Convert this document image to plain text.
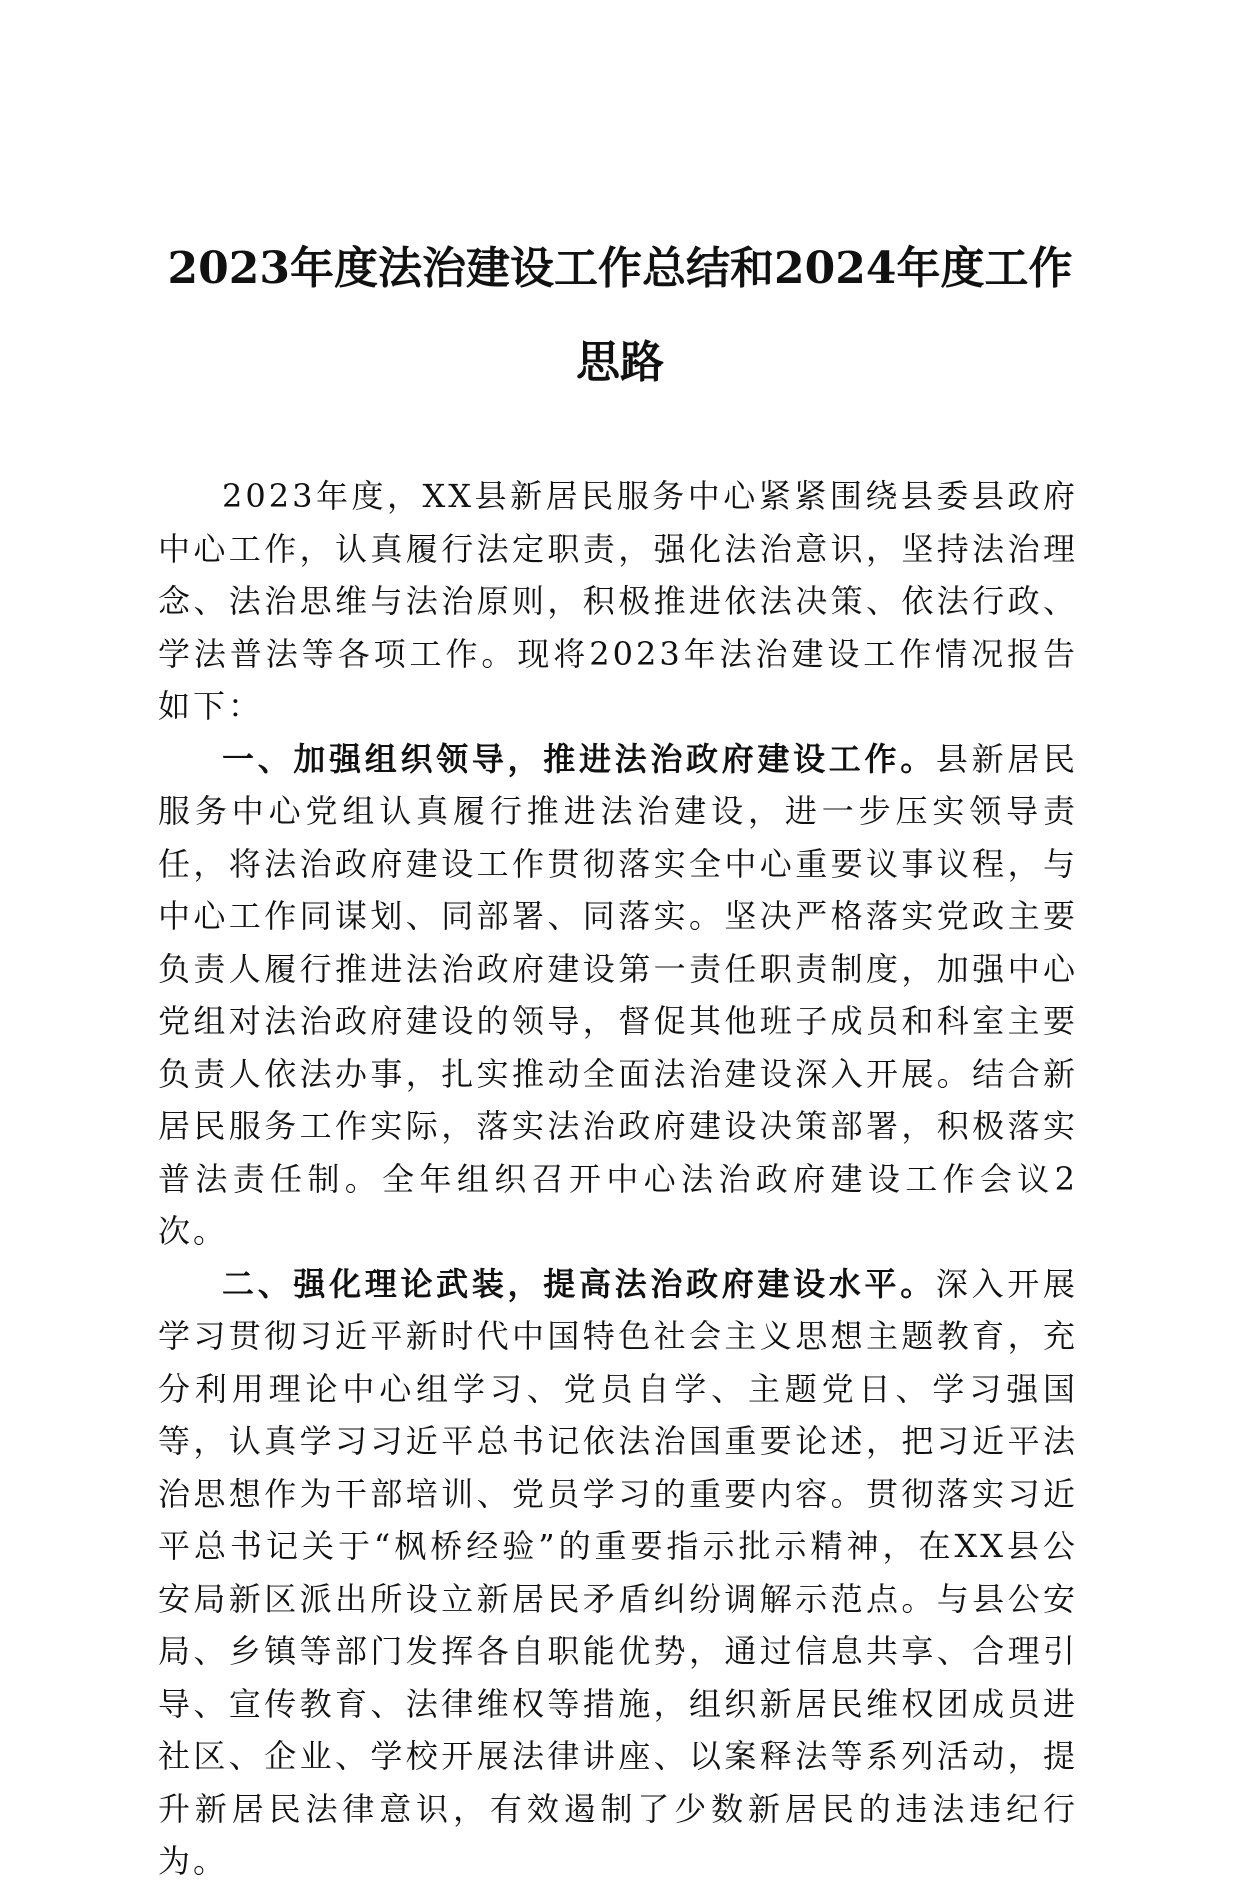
2023年度法治建设工作总结和2024年度工作
思路

2023年度，XX县新居民服务中心紧紧围绕县委县政府中心工作，认真履行法定职责，强化法治意识，坚持法治理念、法治思维与法治原则，积极推进依法决策、依法行政、学法普法等各项工作。现将2023年法治建设工作情况报告如下：

一、加强组织领导，推进法治政府建设工作。县新居民服务中心党组认真履行推进法治建设，进一步压实领导责任，将法治政府建设工作贯彻落实全中心重要议事议程，与中心工作同谋划、同部署、同落实。坚决严格落实党政主要负责人履行推进法治政府建设第一责任职责制度，加强中心党组对法治政府建设的领导，督促其他班子成员和科室主要负责人依法办事，扎实推动全面法治建设深入开展。结合新居民服务工作实际，落实法治政府建设决策部署，积极落实普法责任制。全年组织召开中心法治政府建设工作会议2次。

二、强化理论武装，提高法治政府建设水平。深入开展学习贯彻习近平新时代中国特色社会主义思想主题教育，充分利用理论中心组学习、党员自学、主题党日、学习强国等，认真学习习近平总书记依法治国重要论述，把习近平法治思想作为干部培训、党员学习的重要内容。贯彻落实习近平总书记关于“枫桥经验”的重要指示批示精神，在XX县公安局新区派出所设立新居民矛盾纠纷调解示范点。与县公安局、乡镇等部门发挥各自职能优势，通过信息共享、合理引导、宣传教育、法律维权等措施，组织新居民维权团成员进社区、企业、学校开展法律讲座、以案释法等系列活动，提升新居民法律意识，有效遏制了少数新居民的违法违纪行为。
